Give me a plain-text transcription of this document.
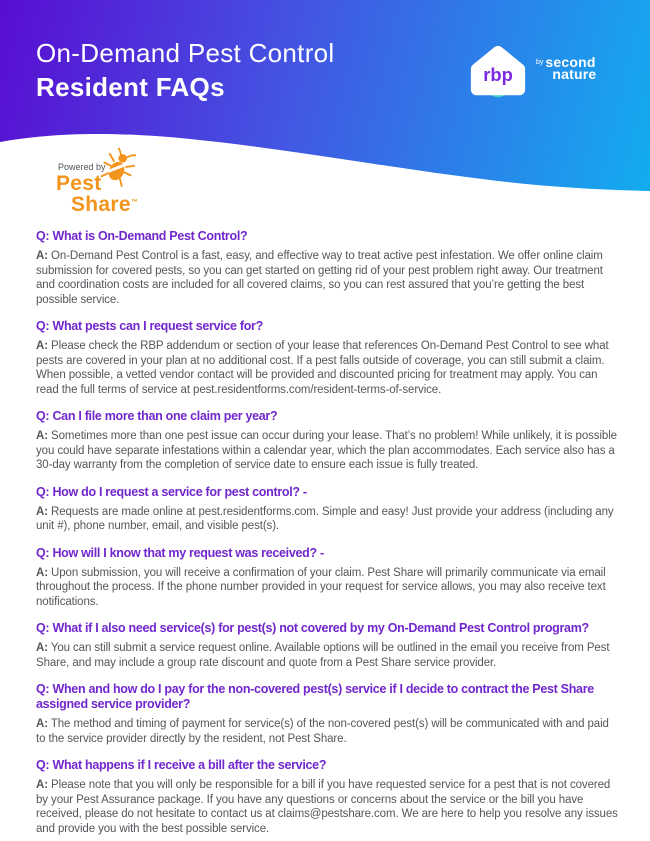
On-Demand Pest Control
Resident FAQs	rbp
by second
nature
Powered by
Pest
Share™
Q: What is On-Demand Pest Control?

A: On-Demand Pest Control is a fast, easy, and effective way to treat active pest infestation. We offer online claim submission for covered pests, so you can get started on getting rid of your pest problem right away. Our treatment and coordination costs are included for all covered claims, so you can rest assured that you’re getting the best possible service.

Q: What pests can I request service for?

A: Please check the RBP addendum or section of your lease that references On-Demand Pest Control to see what pests are covered in your plan at no additional cost. If a pest falls outside of coverage, you can still submit a claim. When possible, a vetted vendor contact will be provided and discounted pricing for treatment may apply. You can read the full terms of service at pest.residentforms.com/resident-terms-of-service.

Q: Can I file more than one claim per year?

A: Sometimes more than one pest issue can occur during your lease. That’s no problem! While unlikely, it is possible you could have separate infestations within a calendar year, which the plan accommodates. Each service also has a 30-day warranty from the completion of service date to ensure each issue is fully treated.

Q: How do I request a service for pest control? -

A: Requests are made online at pest.residentforms.com. Simple and easy! Just provide your address (including any unit #), phone number, email, and visible pest(s).

Q: How will I know that my request was received? -

A: Upon submission, you will receive a confirmation of your claim. Pest Share will primarily communicate via email throughout the process. If the phone number provided in your request for service allows, you may also receive text notifications.

Q: What if I also need service(s) for pest(s) not covered by my On-Demand Pest Control program?

A: You can still submit a service request online. Available options will be outlined in the email you receive from Pest Share, and may include a group rate discount and quote from a Pest Share service provider.

Q: When and how do I pay for the non-covered pest(s) service if I decide to contract the Pest Share assigned service provider?

A: The method and timing of payment for service(s) of the non-covered pest(s) will be communicated with and paid to the service provider directly by the resident, not Pest Share.

Q: What happens if I receive a bill after the service?

A: Please note that you will only be responsible for a bill if you have requested service for a pest that is not covered by your Pest Assurance package. If you have any questions or concerns about the service or the bill you have received, please do not hesitate to contact us at claims@pestshare.com. We are here to help you resolve any issues and provide you with the best possible service.
